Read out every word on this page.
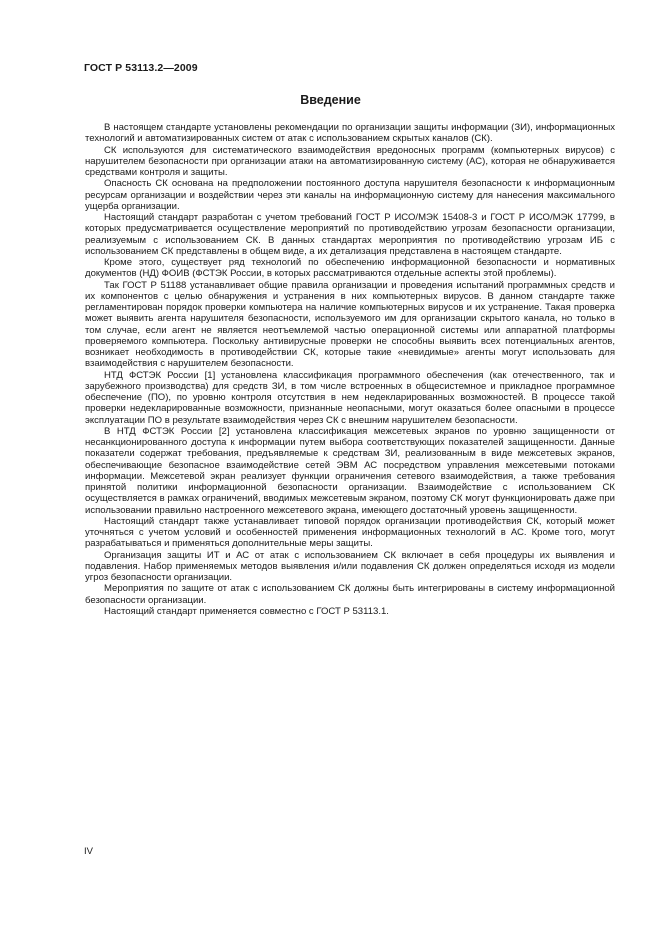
ГОСТ Р 53113.2—2009
Введение

В настоящем стандарте установлены рекомендации по организации защиты информации (ЗИ), информационных технологий и автоматизированных систем от атак с использованием скрытых каналов (СК).

СК используются для систематического взаимодействия вредоносных программ (компьютерных вирусов) с нарушителем безопасности при организации атаки на автоматизированную систему (АС), которая не обнаруживается средствами контроля и защиты.

Опасность СК основана на предположении постоянного доступа нарушителя безопасности к информационным ресурсам организации и воздействии через эти каналы на информационную систему для нанесения максимального ущерба организации.

Настоящий стандарт разработан с учетом требований ГОСТ Р ИСО/МЭК 15408-3 и ГОСТ Р ИСО/МЭК 17799, в которых предусматривается осуществление мероприятий по противодействию угрозам безопасности организации, реализуемым с использованием СК. В данных стандартах мероприятия по противодействию угрозам ИБ с использованием СК представлены в общем виде, а их детализация представлена в настоящем стандарте.

Кроме этого, существует ряд технологий по обеспечению информационной безопасности и нормативных документов (НД) ФОИВ (ФСТЭК России, в которых рассматриваются отдельные аспекты этой проблемы).

Так ГОСТ Р 51188 устанавливает общие правила организации и проведения испытаний программных средств и их компонентов с целью обнаружения и устранения в них компьютерных вирусов. В данном стандарте также регламентирован порядок проверки компьютера на наличие компьютерных вирусов и их устранение. Такая проверка может выявить агента нарушителя безопасности, используемого им для организации скрытого канала, но только в том случае, если агент не является неотъемлемой частью операционной системы или аппаратной платформы проверяемого компьютера. Поскольку антивирусные проверки не способны выявить всех потенциальных агентов, возникает необходимость в противодействии СК, которые такие «невидимые» агенты могут использовать для взаимодействия с нарушителем безопасности.

НТД ФСТЭК России [1] установлена классификация программного обеспечения (как отечественного, так и зарубежного производства) для средств ЗИ, в том числе встроенных в общесистемное и прикладное программное обеспечение (ПО), по уровню контроля отсутствия в нем недекларированных возможностей. В процессе такой проверки недекларированные возможности, признанные неопасными, могут оказаться более опасными в процессе эксплуатации ПО в результате взаимодействия через СК с внешним нарушителем безопасности.

В НТД ФСТЭК России [2] установлена классификация межсетевых экранов по уровню защищенности от несанкционированного доступа к информации путем выбора соответствующих показателей защищенности. Данные показатели содержат требования, предъявляемые к средствам ЗИ, реализованным в виде межсетевых экранов, обеспечивающие безопасное взаимодействие сетей ЭВМ АС посредством управления межсетевыми потоками информации. Межсетевой экран реализует функции ограничения сетевого взаимодействия, а также требования принятой политики информационной безопасности организации. Взаимодействие с использованием СК осуществляется в рамках ограничений, вводимых межсетевым экраном, поэтому СК могут функционировать даже при использовании правильно настроенного межсетевого экрана, имеющего достаточный уровень защищенности.

Настоящий стандарт также устанавливает типовой порядок организации противодействия СК, который может уточняться с учетом условий и особенностей применения информационных технологий в АС. Кроме того, могут разрабатываться и применяться дополнительные меры защиты.

Организация защиты ИТ и АС от атак с использованием СК включает в себя процедуры их выявления и подавления. Набор применяемых методов выявления и/или подавления СК должен определяться исходя из модели угроз безопасности организации.

Мероприятия по защите от атак с использованием СК должны быть интегрированы в систему информационной безопасности организации.

Настоящий стандарт применяется совместно с ГОСТ Р 53113.1.

IV
